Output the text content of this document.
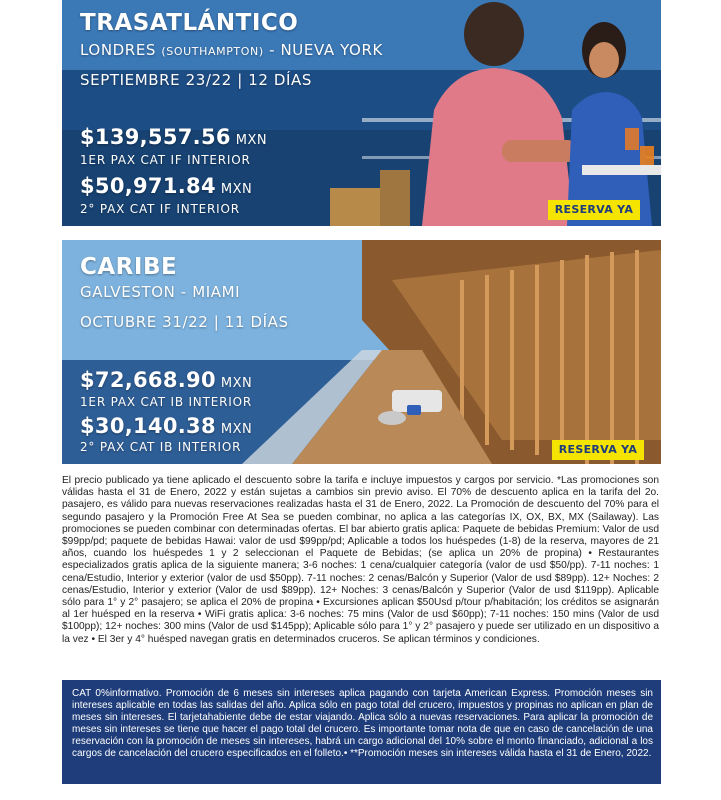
TRASATLÁNTICO
LONDRES (SOUTHAMPTON) - NUEVA YORK
SEPTIEMBRE 23/22 | 12 DÍAS
$139,557.56 MXN
1ER PAX CAT IF INTERIOR
$50,971.84 MXN
2° PAX CAT IF INTERIOR	RESERVA YA
CARIBE
GALVESTON - MIAMI
OCTUBRE 31/22 | 11 DÍAS
$72,668.90 MXN
1ER PAX CAT IB INTERIOR
$30,140.38 MXN
2° PAX CAT IB INTERIOR	RESERVA YA
El precio publicado ya tiene aplicado el descuento sobre la tarifa e incluye impuestos y cargos por servicio. *Las promociones son válidas hasta el 31 de Enero, 2022 y están sujetas a cambios sin previo aviso. El 70% de descuento aplica en la tarifa del 2o. pasajero, es válido para nuevas reservaciones realizadas hasta el 31 de Enero, 2022. La Promoción de descuento del 70% para el segundo pasajero y la Promoción Free At Sea se pueden combinar, no aplica a las categorías IX, OX, BX, MX (Sailaway). Las promociones se pueden combinar con determinadas ofertas. El bar abierto gratis aplica: Paquete de bebidas Premium: Valor de usd $99pp/pd; paquete de bebidas Hawai: valor de usd $99pp/pd; Aplicable a todos los huéspedes (1-8) de la reserva, mayores de 21 años, cuando los huéspedes 1 y 2 seleccionan el Paquete de Bebidas; (se aplica un 20% de propina) • Restaurantes especializados gratis aplica de la siguiente manera; 3-6 noches: 1 cena/cualquier categoría (valor de usd $50/pp). 7-11 noches: 1 cena/Estudio, Interior y exterior (valor de usd $50pp). 7-11 noches: 2 cenas/Balcón y Superior (Valor de usd $89pp). 12+ Noches: 2 cenas/Estudio, Interior y exterior (Valor de usd $89pp). 12+ Noches: 3 cenas/Balcón y Superior (Valor de usd $119pp). Aplicable sólo para 1° y 2° pasajero; se aplica el 20% de propina • Excursiones aplican $50Usd p/tour p/habitación; los créditos se asignarán al 1er huésped en la reserva • WiFi gratis aplica: 3-6 noches: 75 mins (Valor de usd $60pp); 7-11 noches: 150 mins (Valor de usd $100pp); 12+ noches: 300 mins (Valor de usd $145pp); Aplicable sólo para 1° y 2° pasajero y puede ser utilizado en un dispositivo a la vez • El 3er y 4° huésped navegan gratis en determinados cruceros. Se aplican términos y condiciones.

CAT 0%informativo. Promoción de 6 meses sin intereses aplica pagando con tarjeta American Express. Promoción meses sin intereses aplicable en todas las salidas del año. Aplica sólo en pago total del crucero, impuestos y propinas no aplican en plan de meses sin intereses. El tarjetahabiente debe de estar viajando. Aplica sólo a nuevas reservaciones. Para aplicar la promoción de meses sin intereses se tiene que hacer el pago total del crucero. Es importante tomar nota de que en caso de cancelación de una reservación con la promoción de meses sin intereses, habrá un cargo adicional del 10% sobre el monto financiado, adicional a los cargos de cancelación del crucero especificados en el folleto.• **Promoción meses sin intereses válida hasta el 31 de Enero, 2022.
